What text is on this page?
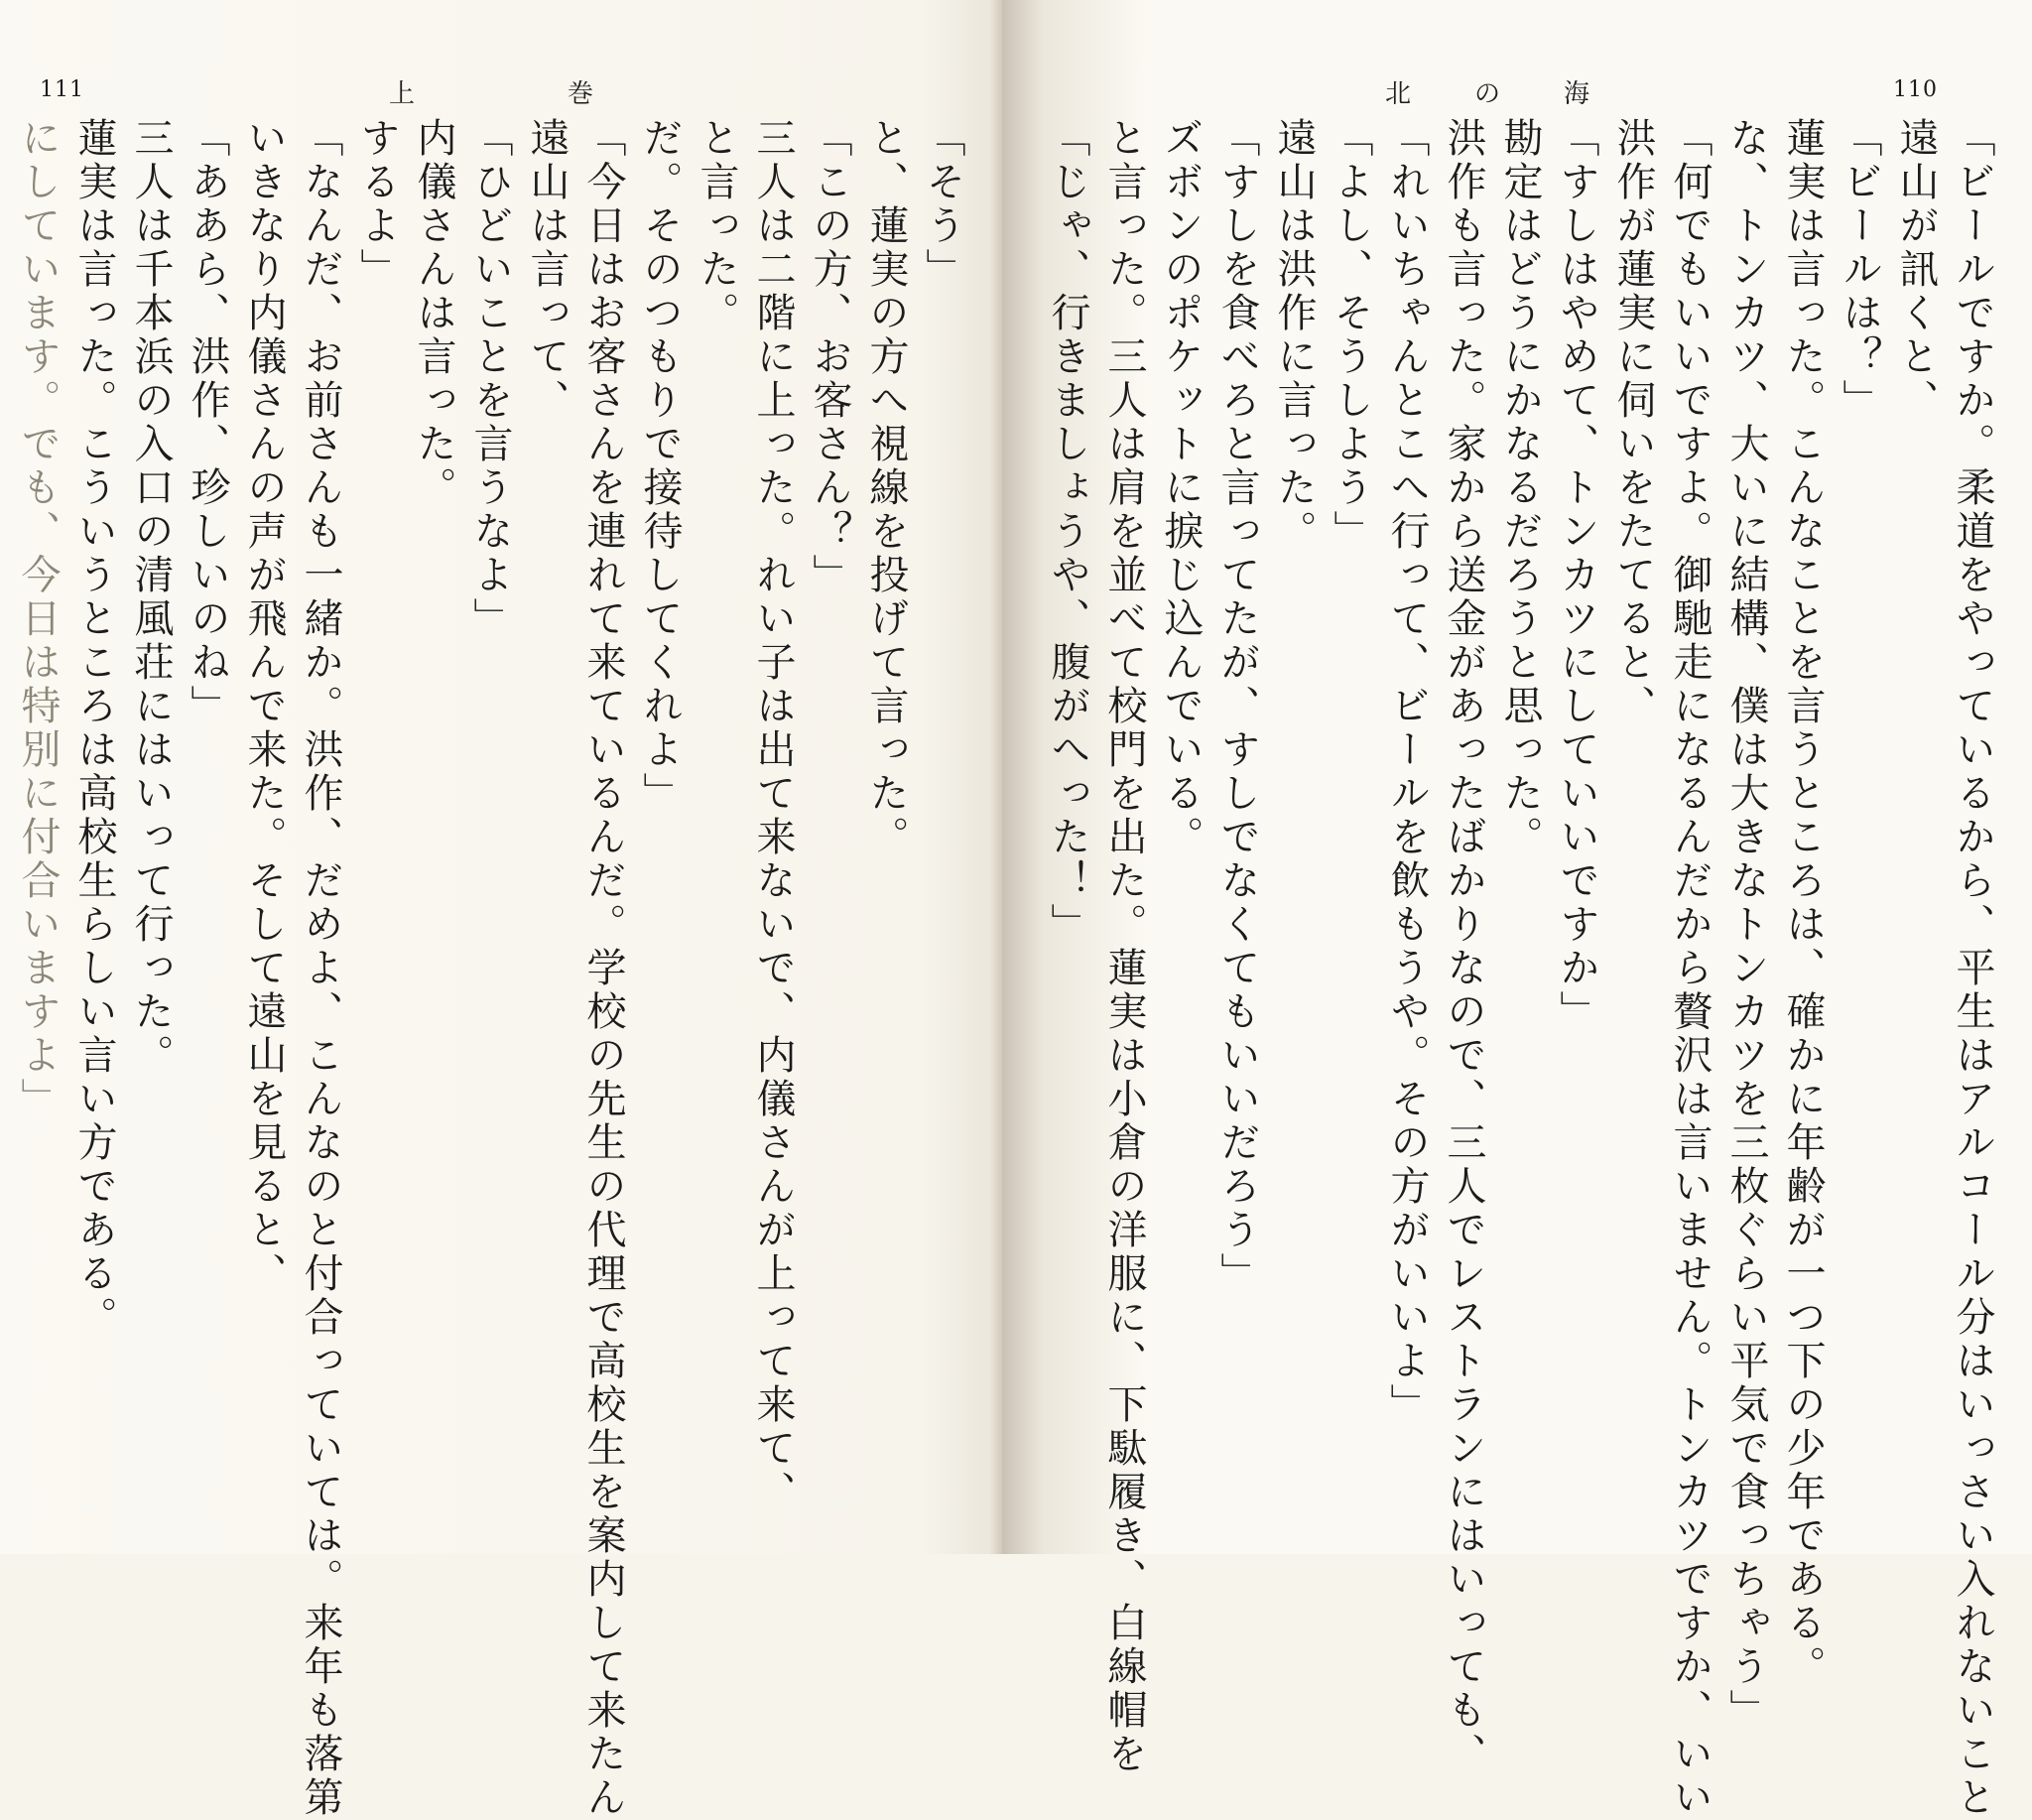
111	上　　　　　巻
「そう」
と、蓮実の方へ視線を投げて言った。
「この方、お客さん？」
三人は二階に上った。れい子は出て来ないで、内儀さんが上って来て、
と言った。
だ。そのつもりで接待してくれよ」
「今日はお客さんを連れて来ているんだ。学校の先生の代理で高校生を案内して来たん
遠山は言って、
「ひどいことを言うなよ」
内儀さんは言った。
するよ」
「なんだ、お前さんも一緒か。洪作、だめよ、こんなのと付合っていては。来年も落第
いきなり内儀さんの声が飛んで来た。そして遠山を見ると、
「ああら、洪作、珍しいのね」
三人は千本浜の入口の清風荘にはいって行った。
蓮実は言った。こういうところは高校生らしい言い方である。
にしています。でも、今日は特別に付合いますよ」
北　　の　　海	110
「ビールですか。柔道をやっているから、平生はアルコール分はいっさい入れないこと
遠山が訊くと、
「ビールは？」
蓮実は言った。こんなことを言うところは、確かに年齢が一つ下の少年である。
な、トンカツ、大いに結構、僕は大きなトンカツを三枚ぐらい平気で食っちゃう」
「何でもいいですよ。御馳走になるんだから贅沢は言いません。トンカツですか、いい
洪作が蓮実に伺いをたてると、
「すしはやめて、トンカツにしていいですか」
勘定はどうにかなるだろうと思った。
洪作も言った。家から送金があったばかりなので、三人でレストランにはいっても、
「れいちゃんとこへ行って、ビールを飲もうや。その方がいいよ」
「よし、そうしよう」
遠山は洪作に言った。
「すしを食べろと言ってたが、すしでなくてもいいだろう」
ズボンのポケットに捩じ込んでいる。
と言った。三人は肩を並べて校門を出た。蓮実は小倉の洋服に、下駄履き、白線帽を
「じゃ、行きましょうや、腹がへった！」
